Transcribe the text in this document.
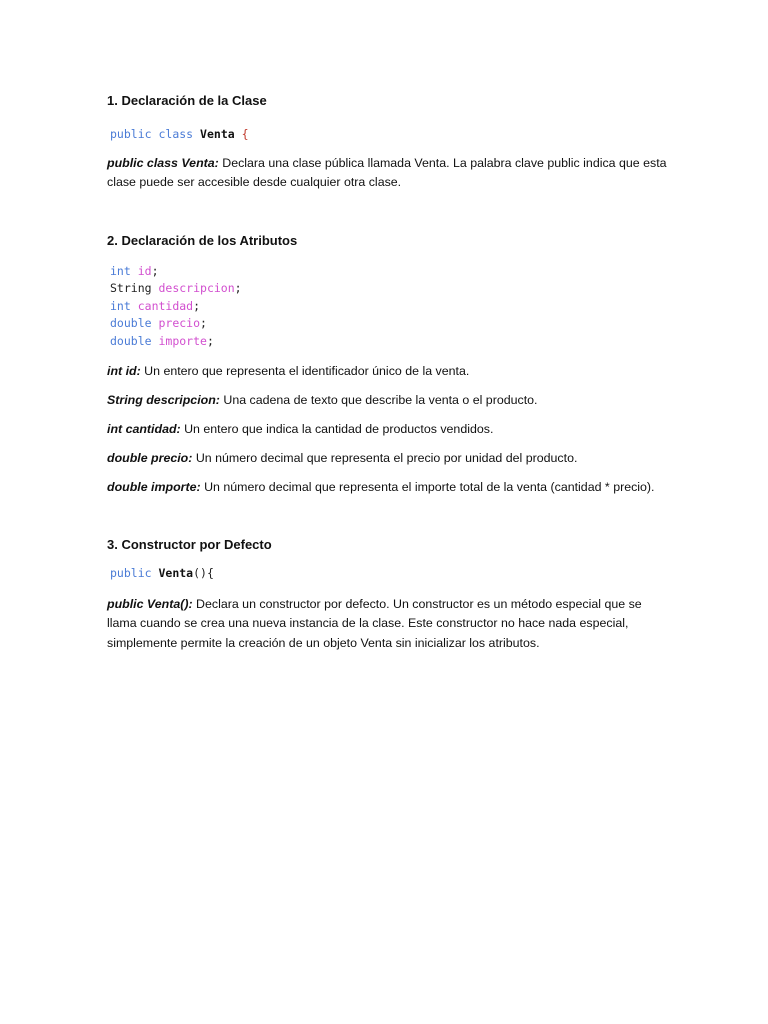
1. Declaración de la Clase
public class Venta {

public class Venta: Declara una clase pública llamada Venta. La palabra clave public indica que esta clase puede ser accesible desde cualquier otra clase.

2. Declaración de los Atributos
int id;
String descripcion;
int cantidad;
double precio;
double importe;

int id: Un entero que representa el identificador único de la venta.

String descripcion: Una cadena de texto que describe la venta o el producto.

int cantidad: Un entero que indica la cantidad de productos vendidos.

double precio: Un número decimal que representa el precio por unidad del producto.

double importe: Un número decimal que representa el importe total de la venta (cantidad * precio).

3. Constructor por Defecto
public Venta(){

public Venta(): Declara un constructor por defecto. Un constructor es un método especial que se llama cuando se crea una nueva instancia de la clase. Este constructor no hace nada especial, simplemente permite la creación de un objeto Venta sin inicializar los atributos.
